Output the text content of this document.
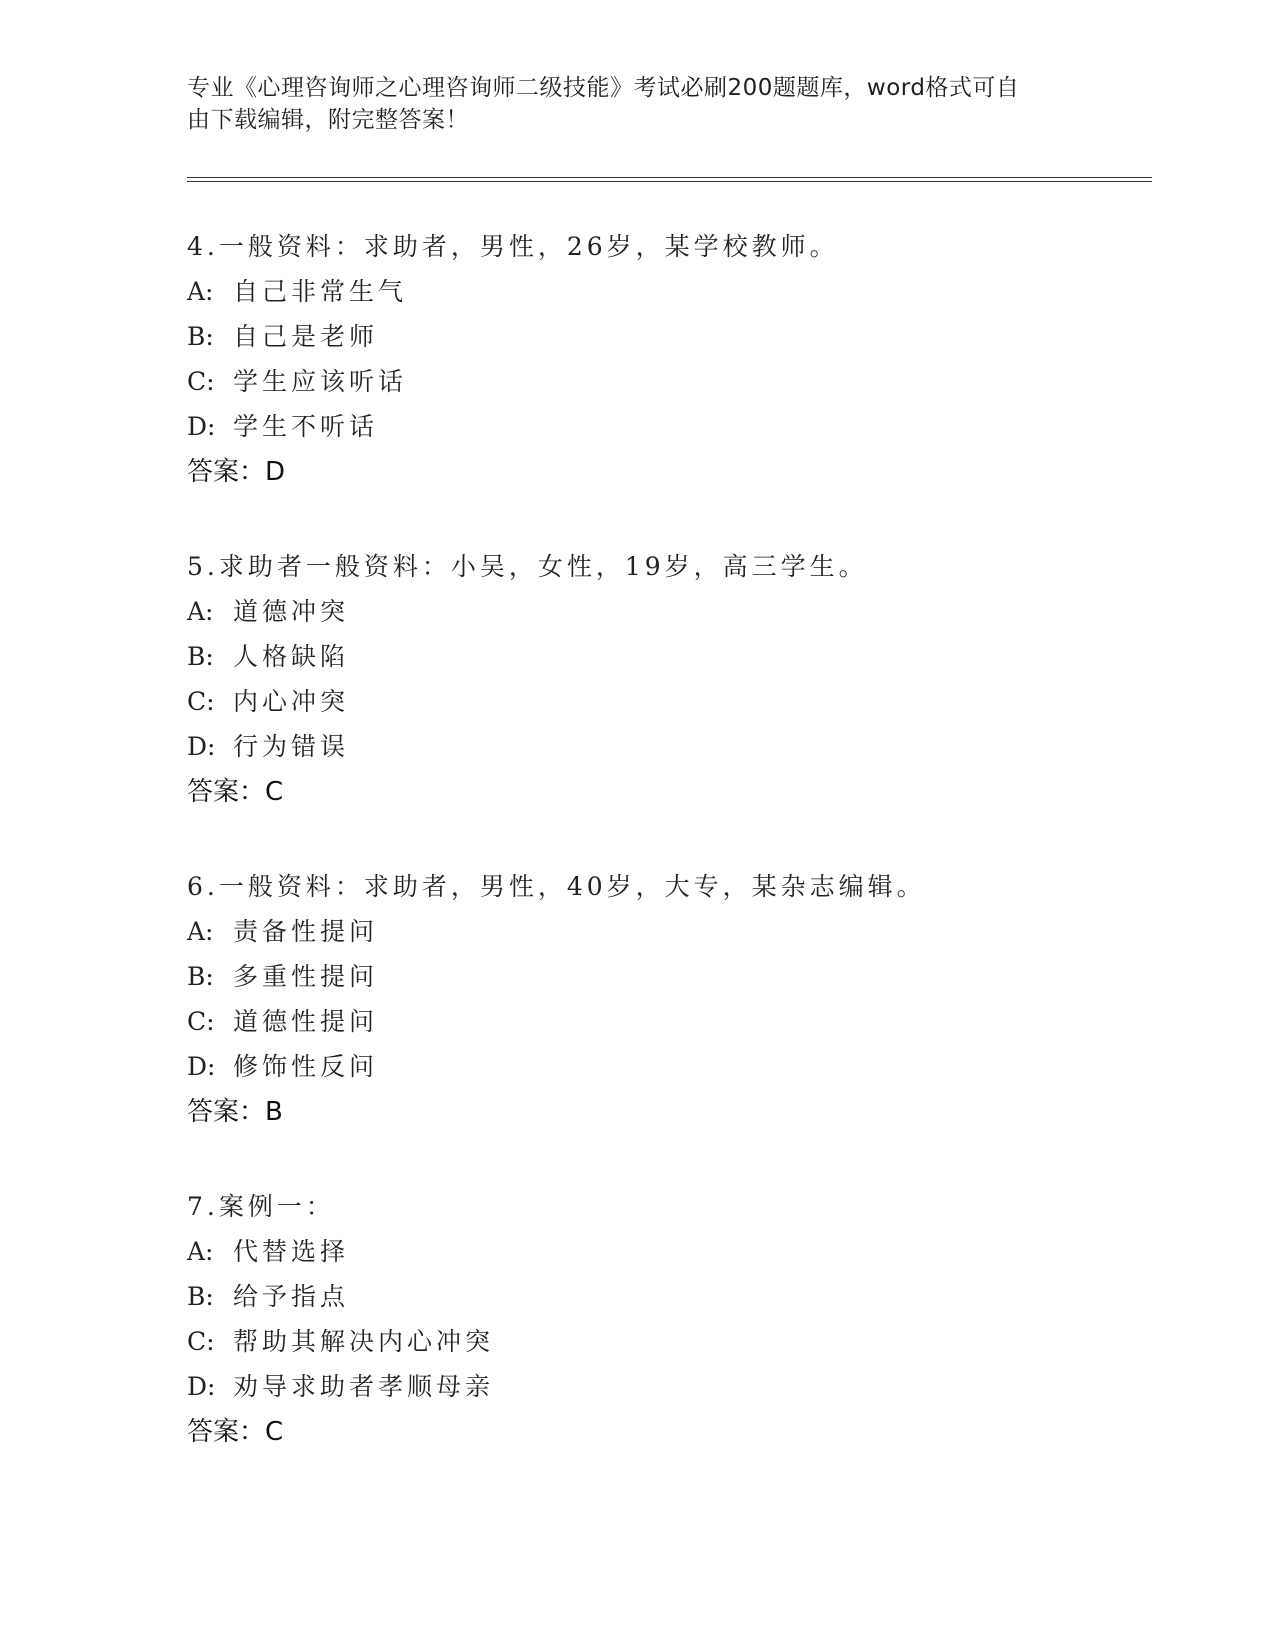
专业《心理咨询师之心理咨询师二级技能》考试必刷200题题库，word格式可自
由下载编辑，附完整答案！
4.一般资料：求助者，男性，26岁，某学校教师。
A: 自己非常生气
B: 自己是老师
C: 学生应该听话
D: 学生不听话
答案：D
5.求助者一般资料：小吴，女性，19岁，高三学生。
A: 道德冲突
B: 人格缺陷
C: 内心冲突
D: 行为错误
答案：C
6.一般资料：求助者，男性，40岁，大专，某杂志编辑。
A: 责备性提问
B: 多重性提问
C: 道德性提问
D: 修饰性反问
答案：B
7.案例一：
A: 代替选择
B: 给予指点
C: 帮助其解决内心冲突
D: 劝导求助者孝顺母亲
答案：C
